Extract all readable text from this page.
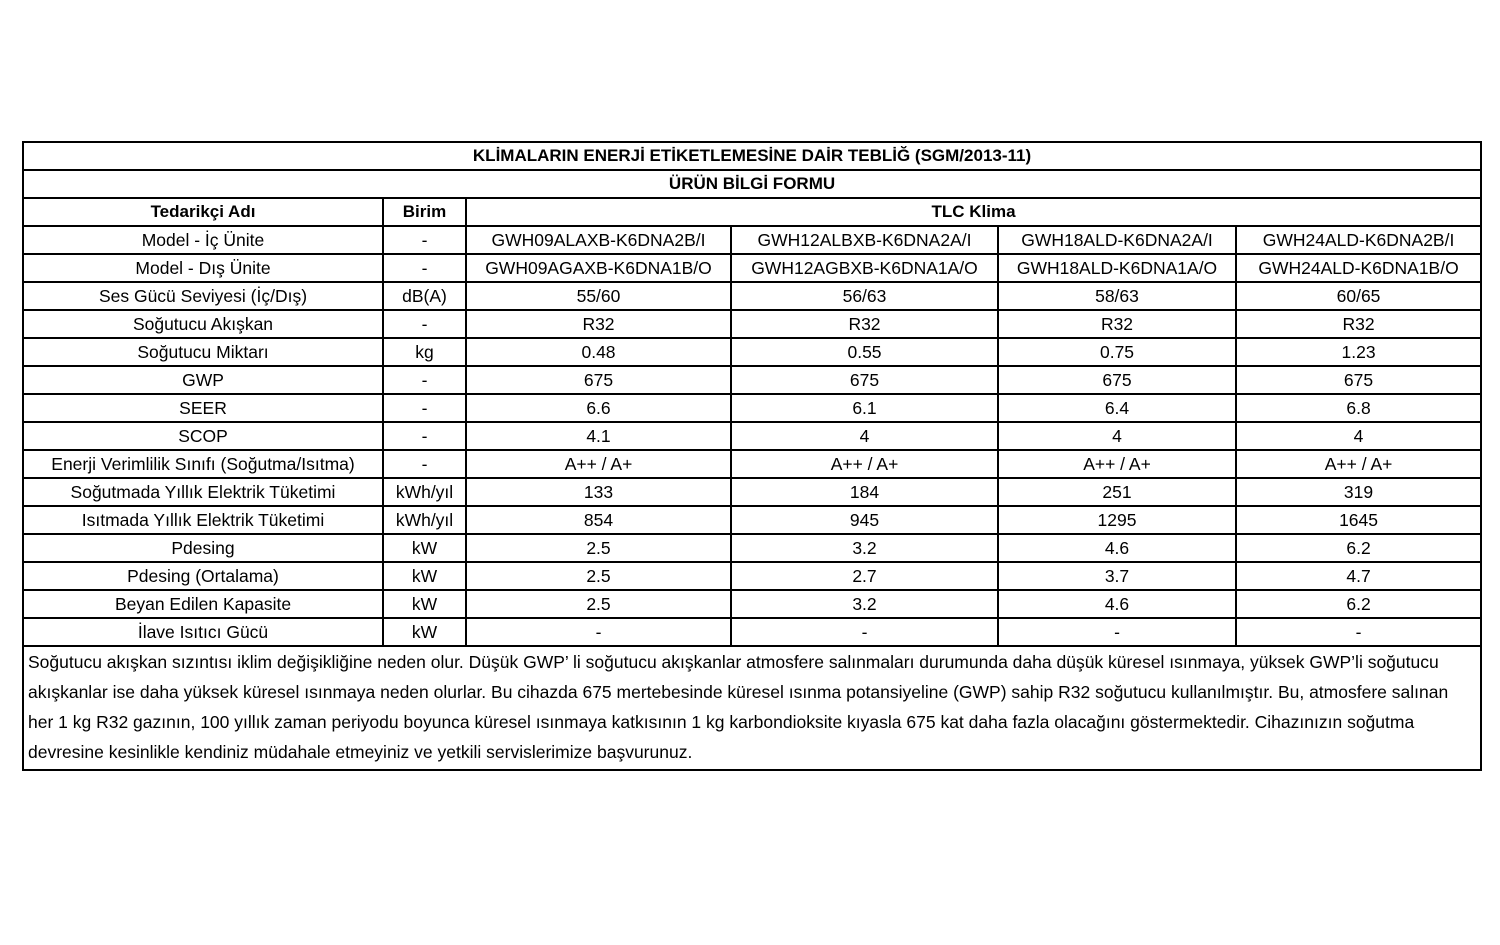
KLİMALARIN ENERJİ ETİKETLEMESİNE DAİR TEBLİĞ (SGM/2013-11)					
ÜRÜN BİLGİ FORMU					
Tedarikçi Adı	Birim	TLC Klima			
Model - İç Ünite	-	GWH09ALAXB-K6DNA2B/I	GWH12ALBXB-K6DNA2A/I	GWH18ALD-K6DNA2A/I	GWH24ALD-K6DNA2B/I
Model - Dış Ünite	-	GWH09AGAXB-K6DNA1B/O	GWH12AGBXB-K6DNA1A/O	GWH18ALD-K6DNA1A/O	GWH24ALD-K6DNA1B/O
Ses Gücü Seviyesi (İç/Dış)	dB(A)	55/60	56/63	58/63	60/65
Soğutucu Akışkan	-	R32	R32	R32	R32
Soğutucu Miktarı	kg	0.48	0.55	0.75	1.23
GWP	-	675	675	675	675
SEER	-	6.6	6.1	6.4	6.8
SCOP	-	4.1	4	4	4
Enerji Verimlilik Sınıfı (Soğutma/Isıtma)	-	A++ / A+	A++ / A+	A++ / A+	A++ / A+
Soğutmada Yıllık Elektrik Tüketimi	kWh/yıl	133	184	251	319
Isıtmada Yıllık Elektrik Tüketimi	kWh/yıl	854	945	1295	1645
Pdesing	kW	2.5	3.2	4.6	6.2
Pdesing (Ortalama)	kW	2.5	2.7	3.7	4.7
Beyan Edilen Kapasite	kW	2.5	3.2	4.6	6.2
İlave Isıtıcı Gücü	kW	-	-	-	-
Soğutucu akışkan sızıntısı iklim değişikliğine neden olur. Düşük GWP’ li soğutucu akışkanlar atmosfere salınmaları durumunda daha düşük küresel ısınmaya, yüksek GWP’li soğutucu akışkanlar ise daha yüksek küresel ısınmaya neden olurlar. Bu cihazda 675 mertebesinde küresel ısınma potansiyeline (GWP) sahip R32 soğutucu kullanılmıştır. Bu, atmosfere salınan her 1 kg R32 gazının, 100 yıllık zaman periyodu boyunca küresel ısınmaya katkısının 1 kg karbondioksite kıyasla 675 kat daha fazla olacağını göstermektedir. Cihazınızın soğutma devresine kesinlikle kendiniz müdahale etmeyiniz ve yetkili servislerimize başvurunuz.					
